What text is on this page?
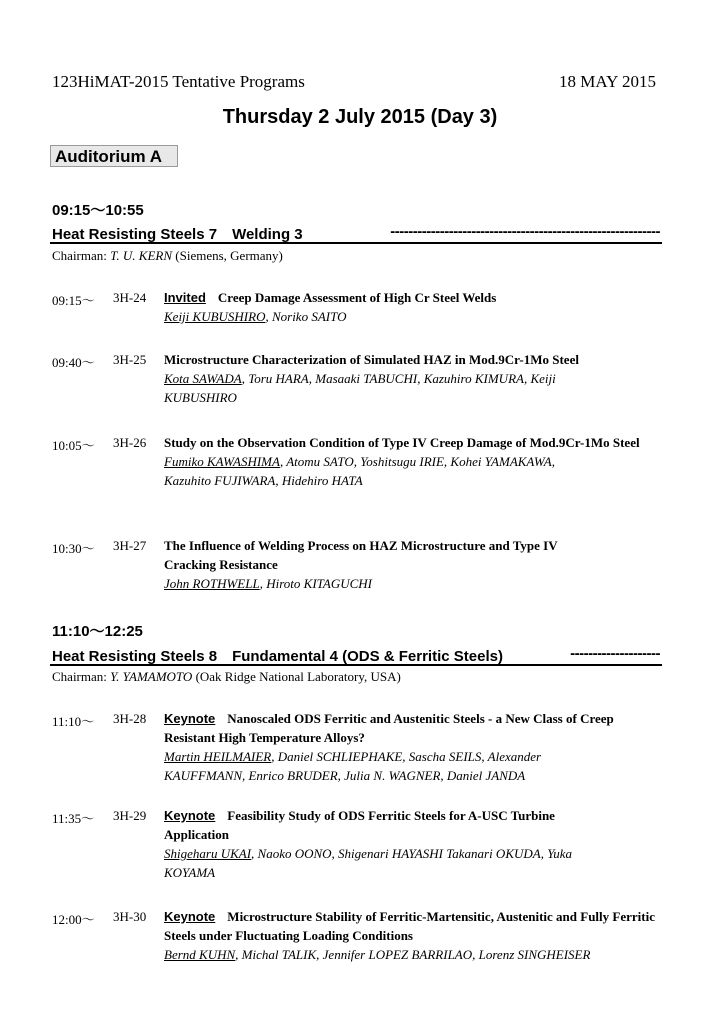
123HiMAT-2015 Tentative Programs	18 MAY 2015
Thursday 2 July 2015 (Day 3)
Auditorium A
09:15～10:55
Heat Resisting Steels 7　Welding 3	------------------------------------------------------------
Chairman: T. U. KERN (Siemens, Germany)
09:15～ 3H-24 Invited Creep Damage Assessment of High Cr Steel Welds
Keiji KUBUSHIRO, Noriko SAITO
09:40～ 3H-25 Microstructure Characterization of Simulated HAZ in Mod.9Cr-1Mo Steel
Kota SAWADA, Toru HARA, Masaaki TABUCHI, Kazuhiro KIMURA, Keiji KUBUSHIRO
10:05～ 3H-26 Study on the Observation Condition of Type IV Creep Damage of Mod.9Cr-1Mo Steel
Fumiko KAWASHIMA, Atomu SATO, Yoshitsugu IRIE, Kohei YAMAKAWA, Kazuhito FUJIWARA, Hidehiro HATA
10:30～ 3H-27 The Influence of Welding Process on HAZ Microstructure and Type IV Cracking Resistance
John ROTHWELL, Hiroto KITAGUCHI
11:10～12:25
Heat Resisting Steels 8　Fundamental 4 (ODS & Ferritic Steels)	--------------------
Chairman: Y. YAMAMOTO (Oak Ridge National Laboratory, USA)
11:10～ 3H-28 Keynote Nanoscaled ODS Ferritic and Austenitic Steels - a New Class of Creep Resistant High Temperature Alloys?
Martin HEILMAIER, Daniel SCHLIEPHAKE, Sascha SEILS, Alexander KAUFFMANN, Enrico BRUDER, Julia N. WAGNER, Daniel JANDA
11:35～ 3H-29 Keynote Feasibility Study of ODS Ferritic Steels for A-USC Turbine Application
Shigeharu UKAI, Naoko OONO, Shigenari HAYASHI Takanari OKUDA, Yuka KOYAMA
12:00～ 3H-30 Keynote Microstructure Stability of Ferritic-Martensitic, Austenitic and Fully Ferritic Steels under Fluctuating Loading Conditions
Bernd KUHN, Michal TALIK, Jennifer LOPEZ BARRILAO, Lorenz SINGHEISER
